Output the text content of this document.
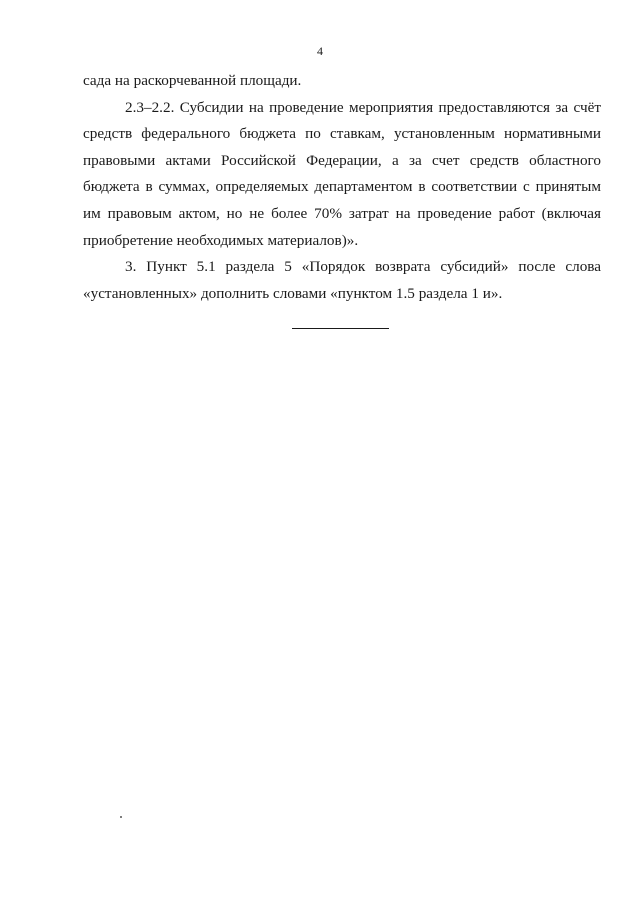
4

сада на раскорчеванной площади.

2.3–2.2. Субсидии на проведение мероприятия предоставляются за счёт средств федерального бюджета по ставкам, установленным нормативными правовыми актами Российской Федерации, а за счет средств областного бюджета в суммах, определяемых департаментом в соответствии с принятым им правовым актом, но не более 70% затрат на проведение работ (включая приобретение необходимых материалов)».

3. Пункт 5.1 раздела 5 «Порядок возврата субсидий» после слова «установленных» дополнить словами «пунктом 1.5 раздела 1 и».
